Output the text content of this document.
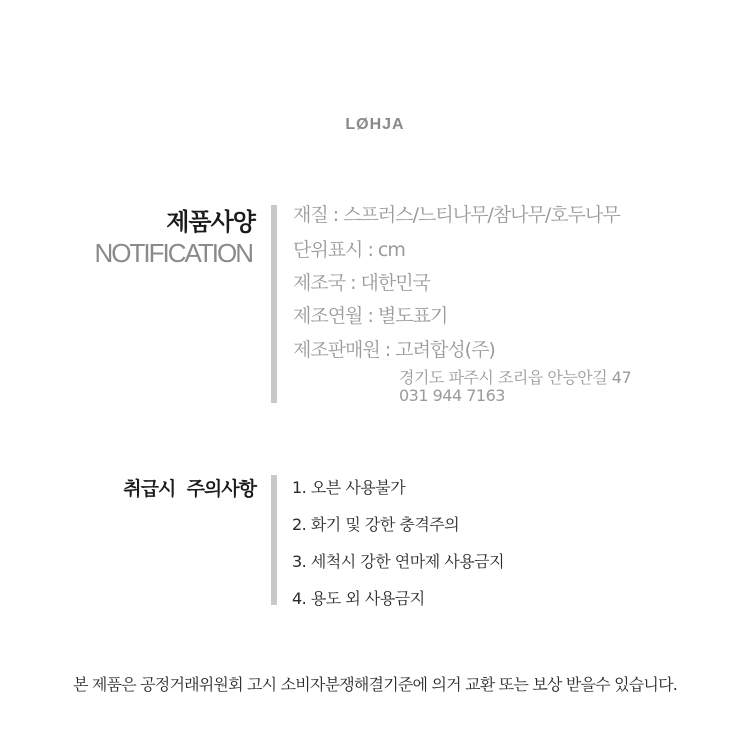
LØHJA
제품사양
NOTIFICATION
재질 : 스프러스/느티나무/참나무/호두나무
단위표시 : cm
제조국 : 대한민국
제조연월 : 별도표기
제조판매원 : 고려합성(주)
경기도 파주시 조리읍 안능안길 47
031 944 7163
취급시 주의사항 1. 오븐 사용불가
2. 화기 및 강한 충격주의
3. 세척시 강한 연마제 사용금지
4. 용도 외 사용금지
본 제품은 공정거래위원회 고시 소비자분쟁해결기준에 의거 교환 또는 보상 받을수 있습니다.
